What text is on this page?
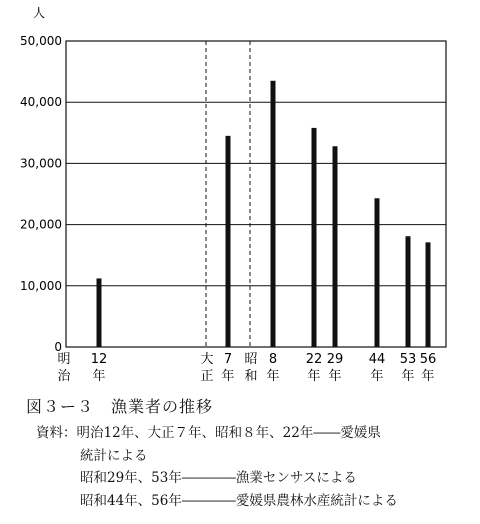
50,000
40,000
30,000
20,000
10,000
0
人
明
治
12
年
大
正
7
年
昭
和
8
年
22
年
29
年
44
年
53
年
56
年
図３ー３　漁業者の推移
資料：明治12年、大正７年、昭和８年、22年――愛媛県
統計による
昭和29年、53年――――漁業センサスによる
昭和44年、56年――――愛媛県農林水産統計による
